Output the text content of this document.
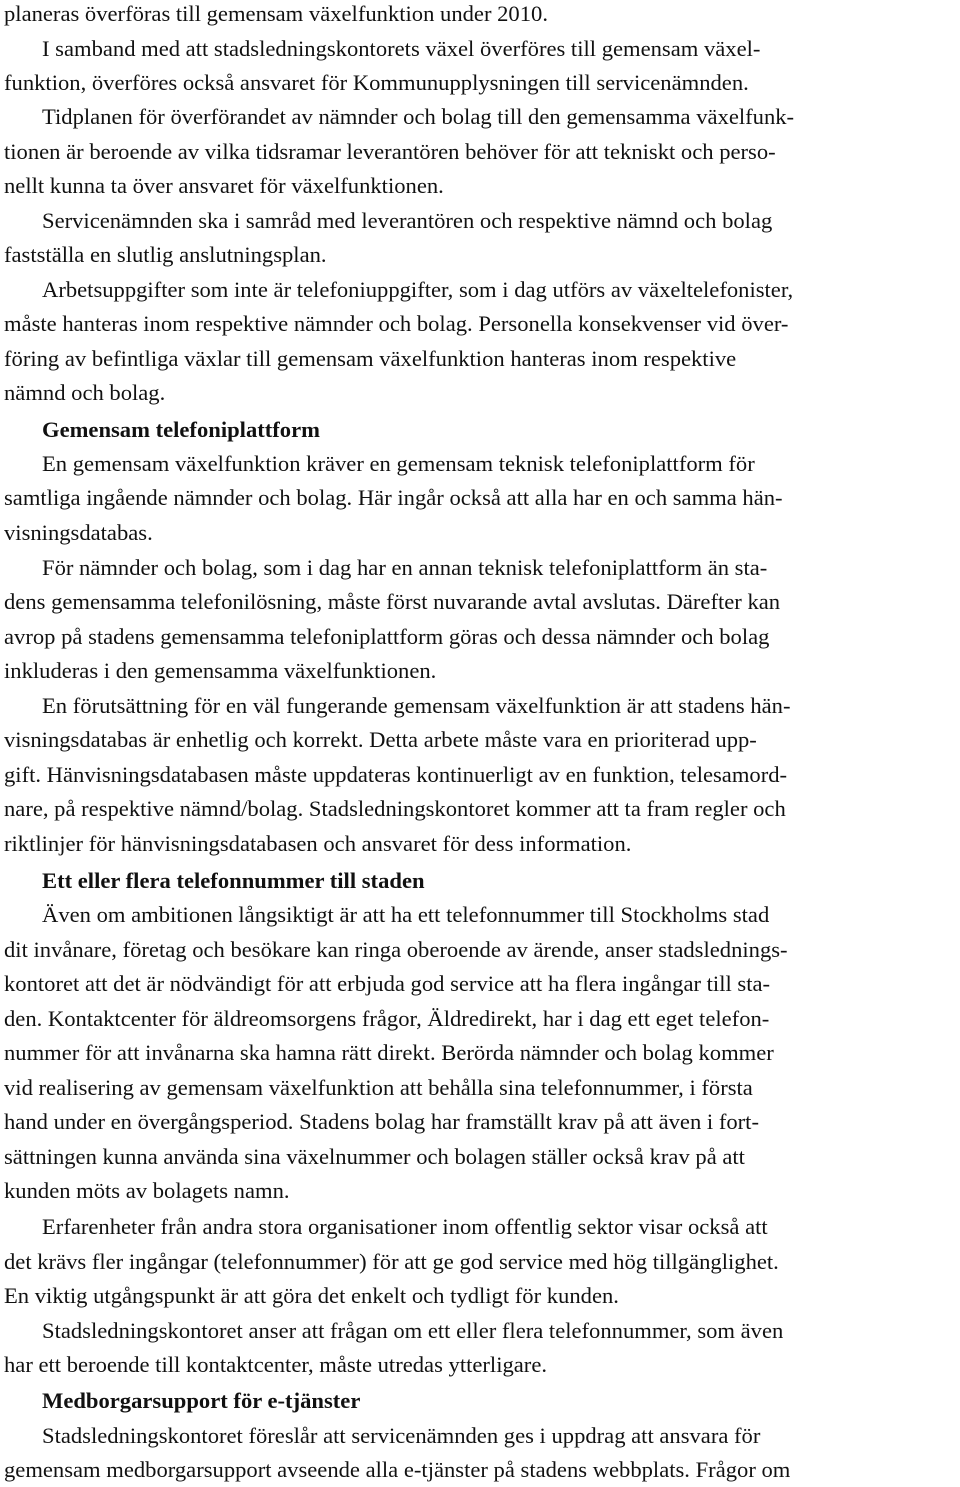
planeras överföras till gemensam växelfunktion under 2010.
I samband med att stadsledningskontorets växel överföres till gemensam växel-
funktion, överföres också ansvaret för Kommunupplysningen till servicenämnden.
Tidplanen för överförandet av nämnder och bolag till den gemensamma växelfunk-
tionen är beroende av vilka tidsramar leverantören behöver för att tekniskt och perso-
nellt kunna ta över ansvaret för växelfunktionen.
Servicenämnden ska i samråd med leverantören och respektive nämnd och bolag
fastställa en slutlig anslutningsplan.
Arbetsuppgifter som inte är telefoniuppgifter, som i dag utförs av växeltelefonister,
måste hanteras inom respektive nämnder och bolag. Personella konsekvenser vid över-
föring av befintliga växlar till gemensam växelfunktion hanteras inom respektive
nämnd och bolag.
Gemensam telefoniplattform
En gemensam växelfunktion kräver en gemensam teknisk telefoniplattform för
samtliga ingående nämnder och bolag. Här ingår också att alla har en och samma hän-
visningsdatabas.
För nämnder och bolag, som i dag har en annan teknisk telefoniplattform än sta-
dens gemensamma telefonilösning, måste först nuvarande avtal avslutas. Därefter kan
avrop på stadens gemensamma telefoniplattform göras och dessa nämnder och bolag
inkluderas i den gemensamma växelfunktionen.
En förutsättning för en väl fungerande gemensam växelfunktion är att stadens hän-
visningsdatabas är enhetlig och korrekt. Detta arbete måste vara en prioriterad upp-
gift. Hänvisningsdatabasen måste uppdateras kontinuerligt av en funktion, telesamord-
nare, på respektive nämnd/bolag. Stadsledningskontoret kommer att ta fram regler och
riktlinjer för hänvisningsdatabasen och ansvaret för dess information.
Ett eller flera telefonnummer till staden
Även om ambitionen långsiktigt är att ha ett telefonnummer till Stockholms stad
dit invånare, företag och besökare kan ringa oberoende av ärende, anser stadslednings-
kontoret att det är nödvändigt för att erbjuda god service att ha flera ingångar till sta-
den. Kontaktcenter för äldreomsorgens frågor, Äldredirekt, har i dag ett eget telefon-
nummer för att invånarna ska hamna rätt direkt. Berörda nämnder och bolag kommer
vid realisering av gemensam växelfunktion att behålla sina telefonnummer, i första
hand under en övergångsperiod. Stadens bolag har framställt krav på att även i fort-
sättningen kunna använda sina växelnummer och bolagen ställer också krav på att
kunden möts av bolagets namn.
Erfarenheter från andra stora organisationer inom offentlig sektor visar också att
det krävs fler ingångar (telefonnummer) för att ge god service med hög tillgänglighet.
En viktig utgångspunkt är att göra det enkelt och tydligt för kunden.
Stadsledningskontoret anser att frågan om ett eller flera telefonnummer, som även
har ett beroende till kontaktcenter, måste utredas ytterligare.
Medborgarsupport för e-tjänster
Stadsledningskontoret föreslår att servicenämnden ges i uppdrag att ansvara för
gemensam medborgarsupport avseende alla e-tjänster på stadens webbplats. Frågor om
